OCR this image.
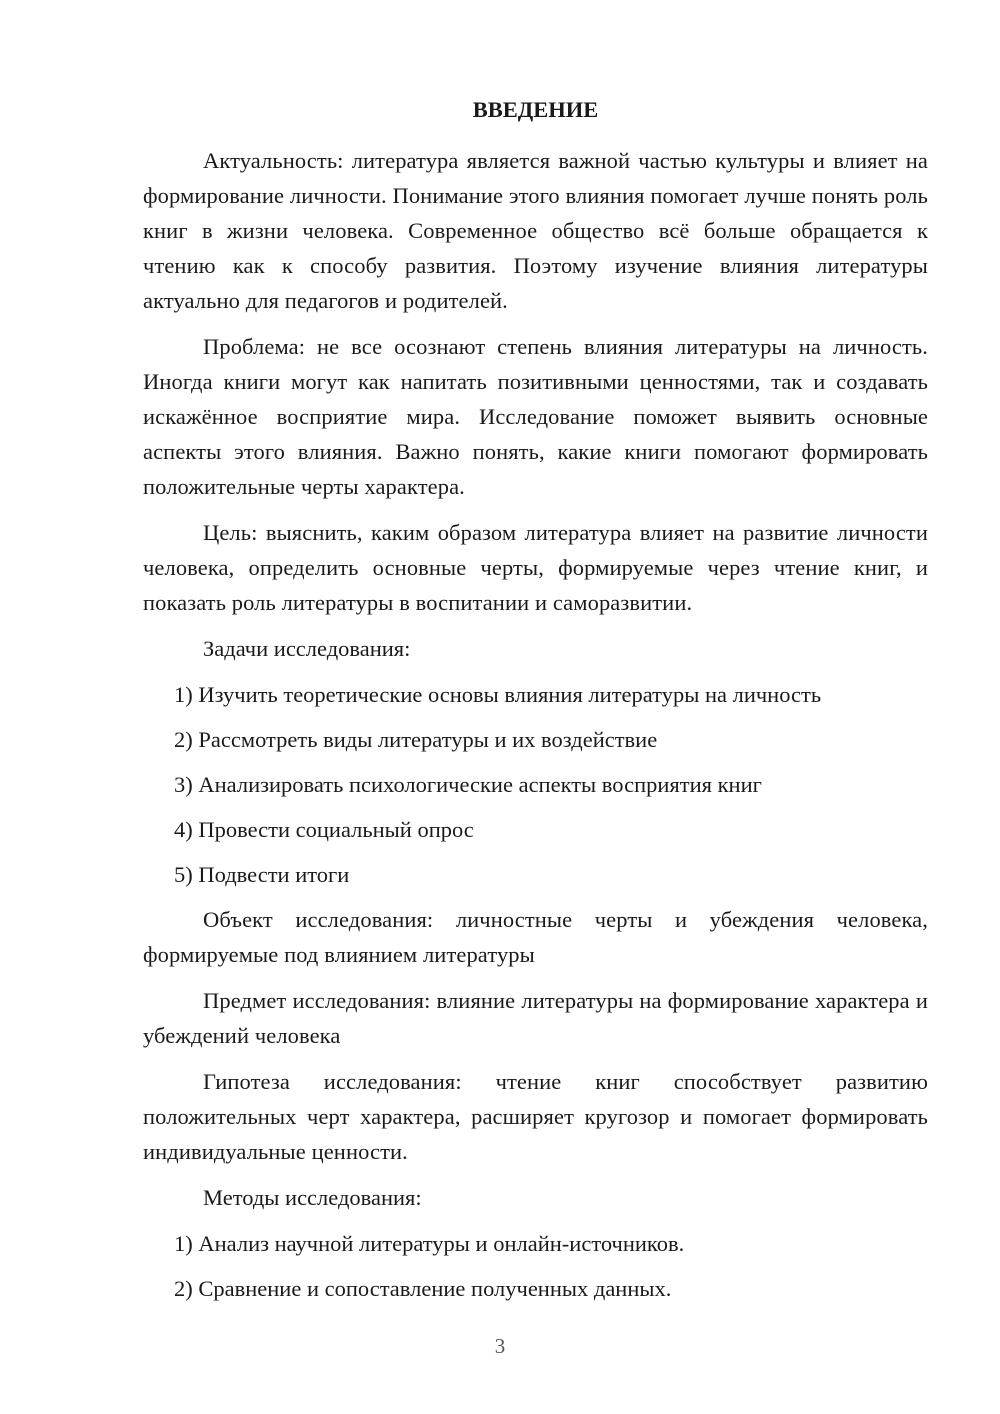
ВВЕДЕНИЕ

Актуальность: литература является важной частью культуры и влияет на формирование личности. Понимание этого влияния помогает лучше понять роль книг в жизни человека. Современное общество всё больше обращается к чтению как к способу развития. Поэтому изучение влияния литературы актуально для педагогов и родителей.

Проблема: не все осознают степень влияния литературы на личность. Иногда книги могут как напитать позитивными ценностями, так и создавать искажённое восприятие мира. Исследование поможет выявить основные аспекты этого влияния. Важно понять, какие книги помогают формировать положительные черты характера.

Цель: выяснить, каким образом литература влияет на развитие личности человека, определить основные черты, формируемые через чтение книг, и показать роль литературы в воспитании и саморазвитии.

Задачи исследования:

1) Изучить теоретические основы влияния литературы на личность
2) Рассмотреть виды литературы и их воздействие
3) Анализировать психологические аспекты восприятия книг
4) Провести социальный опрос
5) Подвести итоги

Объект исследования: личностные черты и убеждения человека, формируемые под влиянием литературы

Предмет исследования: влияние литературы на формирование характера и убеждений человека

Гипотеза исследования: чтение книг способствует развитию положительных черт характера, расширяет кругозор и помогает формировать индивидуальные ценности.

Методы исследования:

1) Анализ научной литературы и онлайн-источников.
2) Сравнение и сопоставление полученных данных.
3
